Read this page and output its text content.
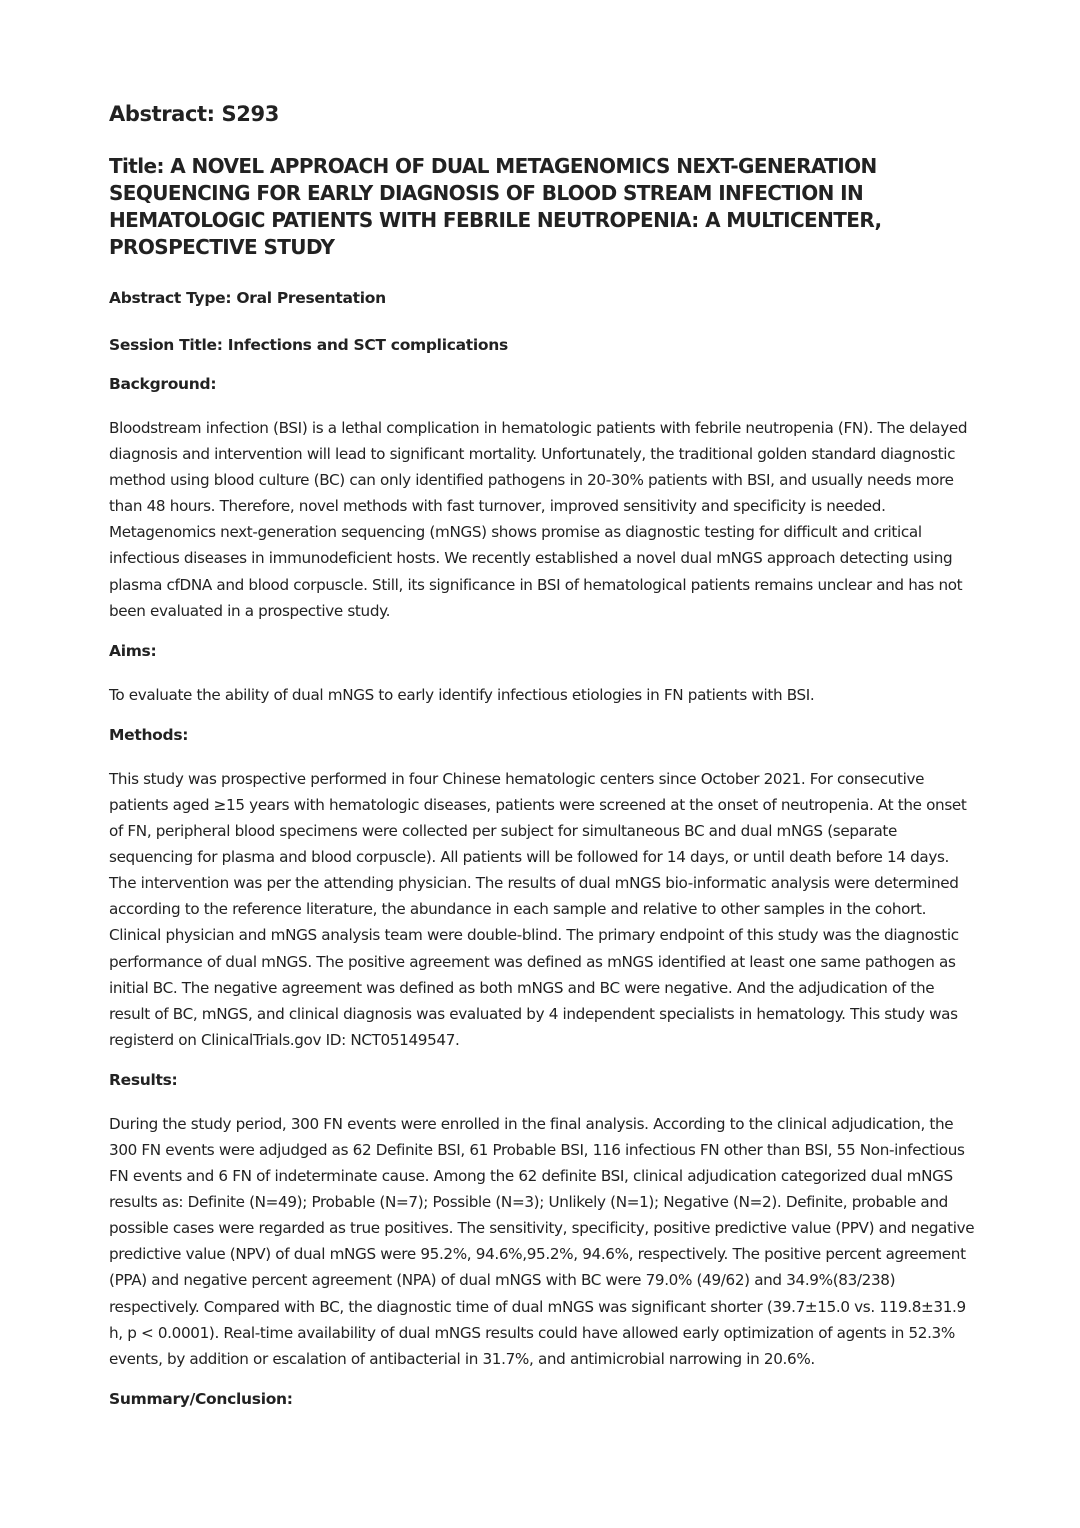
Abstract: S293
Title: A NOVEL APPROACH OF DUAL METAGENOMICS NEXT-GENERATION SEQUENCING FOR EARLY DIAGNOSIS OF BLOOD STREAM INFECTION IN HEMATOLOGIC PATIENTS WITH FEBRILE NEUTROPENIA: A MULTICENTER, PROSPECTIVE STUDY
Abstract Type: Oral Presentation
Session Title: Infections and SCT complications
Background:

Bloodstream infection (BSI) is a lethal complication in hematologic patients with febrile neutropenia (FN). The delayed diagnosis and intervention will lead to significant mortality. Unfortunately, the traditional golden standard diagnostic method using blood culture (BC) can only identified pathogens in 20-30% patients with BSI, and usually needs more than 48 hours. Therefore, novel methods with fast turnover, improved sensitivity and specificity is needed. Metagenomics next-generation sequencing (mNGS) shows promise as diagnostic testing for difficult and critical infectious diseases in immunodeficient hosts. We recently established a novel dual mNGS approach detecting using plasma cfDNA and blood corpuscle. Still, its significance in BSI of hematological patients remains unclear and has not been evaluated in a prospective study.

Aims:

To evaluate the ability of dual mNGS to early identify infectious etiologies in FN patients with BSI.

Methods:

This study was prospective performed in four Chinese hematologic centers since October 2021. For consecutive patients aged ≥15 years with hematologic diseases, patients were screened at the onset of neutropenia. At the onset of FN, peripheral blood specimens were collected per subject for simultaneous BC and dual mNGS (separate sequencing for plasma and blood corpuscle). All patients will be followed for 14 days, or until death before 14 days. The intervention was per the attending physician. The results of dual mNGS bio-informatic analysis were determined according to the reference literature, the abundance in each sample and relative to other samples in the cohort. Clinical physician and mNGS analysis team were double-blind. The primary endpoint of this study was the diagnostic performance of dual mNGS. The positive agreement was defined as mNGS identified at least one same pathogen as initial BC. The negative agreement was defined as both mNGS and BC were negative. And the adjudication of the result of BC, mNGS, and clinical diagnosis was evaluated by 4 independent specialists in hematology. This study was registerd on ClinicalTrials.gov ID: NCT05149547.

Results:

During the study period, 300 FN events were enrolled in the final analysis. According to the clinical adjudication, the 300 FN events were adjudged as 62 Definite BSI, 61 Probable BSI, 116 infectious FN other than BSI, 55 Non-infectious FN events and 6 FN of indeterminate cause. Among the 62 definite BSI, clinical adjudication categorized dual mNGS results as: Definite (N=49); Probable (N=7); Possible (N=3); Unlikely (N=1); Negative (N=2). Definite, probable and possible cases were regarded as true positives. The sensitivity, specificity, positive predictive value (PPV) and negative predictive value (NPV) of dual mNGS were 95.2%, 94.6%,95.2%, 94.6%, respectively. The positive percent agreement (PPA) and negative percent agreement (NPA) of dual mNGS with BC were 79.0% (49/62) and 34.9%(83/238) respectively. Compared with BC, the diagnostic time of dual mNGS was significant shorter (39.7±15.0 vs. 119.8±31.9 h, p < 0.0001). Real-time availability of dual mNGS results could have allowed early optimization of agents in 52.3% events, by addition or escalation of antibacterial in 31.7%, and antimicrobial narrowing in 20.6%.

Summary/Conclusion:
